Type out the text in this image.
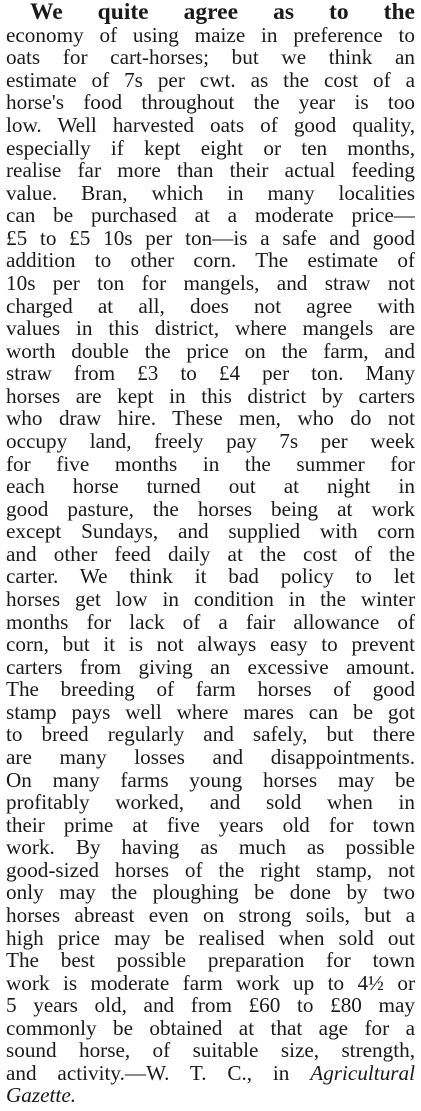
We quite agree as to the
economy of using maize in preference to
oats for cart-horses; but we think an
estimate of 7s per cwt. as the cost of a
horse's food throughout the year is too
low. Well harvested oats of good quality,
especially if kept eight or ten months,
realise far more than their actual feeding
value. Bran, which in many localities
can be purchased at a moderate price—
£5 to £5 10s per ton—is a safe and good
addition to other corn. The estimate of
10s per ton for mangels, and straw not
charged at all, does not agree with
values in this district, where mangels are
worth double the price on the farm, and
straw from £3 to £4 per ton. Many
horses are kept in this district by carters
who draw hire. These men, who do not
occupy land, freely pay 7s per week
for five months in the summer for
each horse turned out at night in
good pasture, the horses being at work
except Sundays, and supplied with corn
and other feed daily at the cost of the
carter. We think it bad policy to let
horses get low in condition in the winter
months for lack of a fair allowance of
corn, but it is not always easy to prevent
carters from giving an excessive amount.
The breeding of farm horses of good
stamp pays well where mares can be got
to breed regularly and safely, but there
are many losses and disappointments.
On many farms young horses may be
profitably worked, and sold when in
their prime at five years old for town
work. By having as much as possible
good-sized horses of the right stamp, not
only may the ploughing be done by two
horses abreast even on strong soils, but a
high price may be realised when sold out
The best possible preparation for town
work is moderate farm work up to 4½ or
5 years old, and from £60 to £80 may
commonly be obtained at that age for a
sound horse, of suitable size, strength,
and activity.—W. T. C., in Agricultural
Gazette.
